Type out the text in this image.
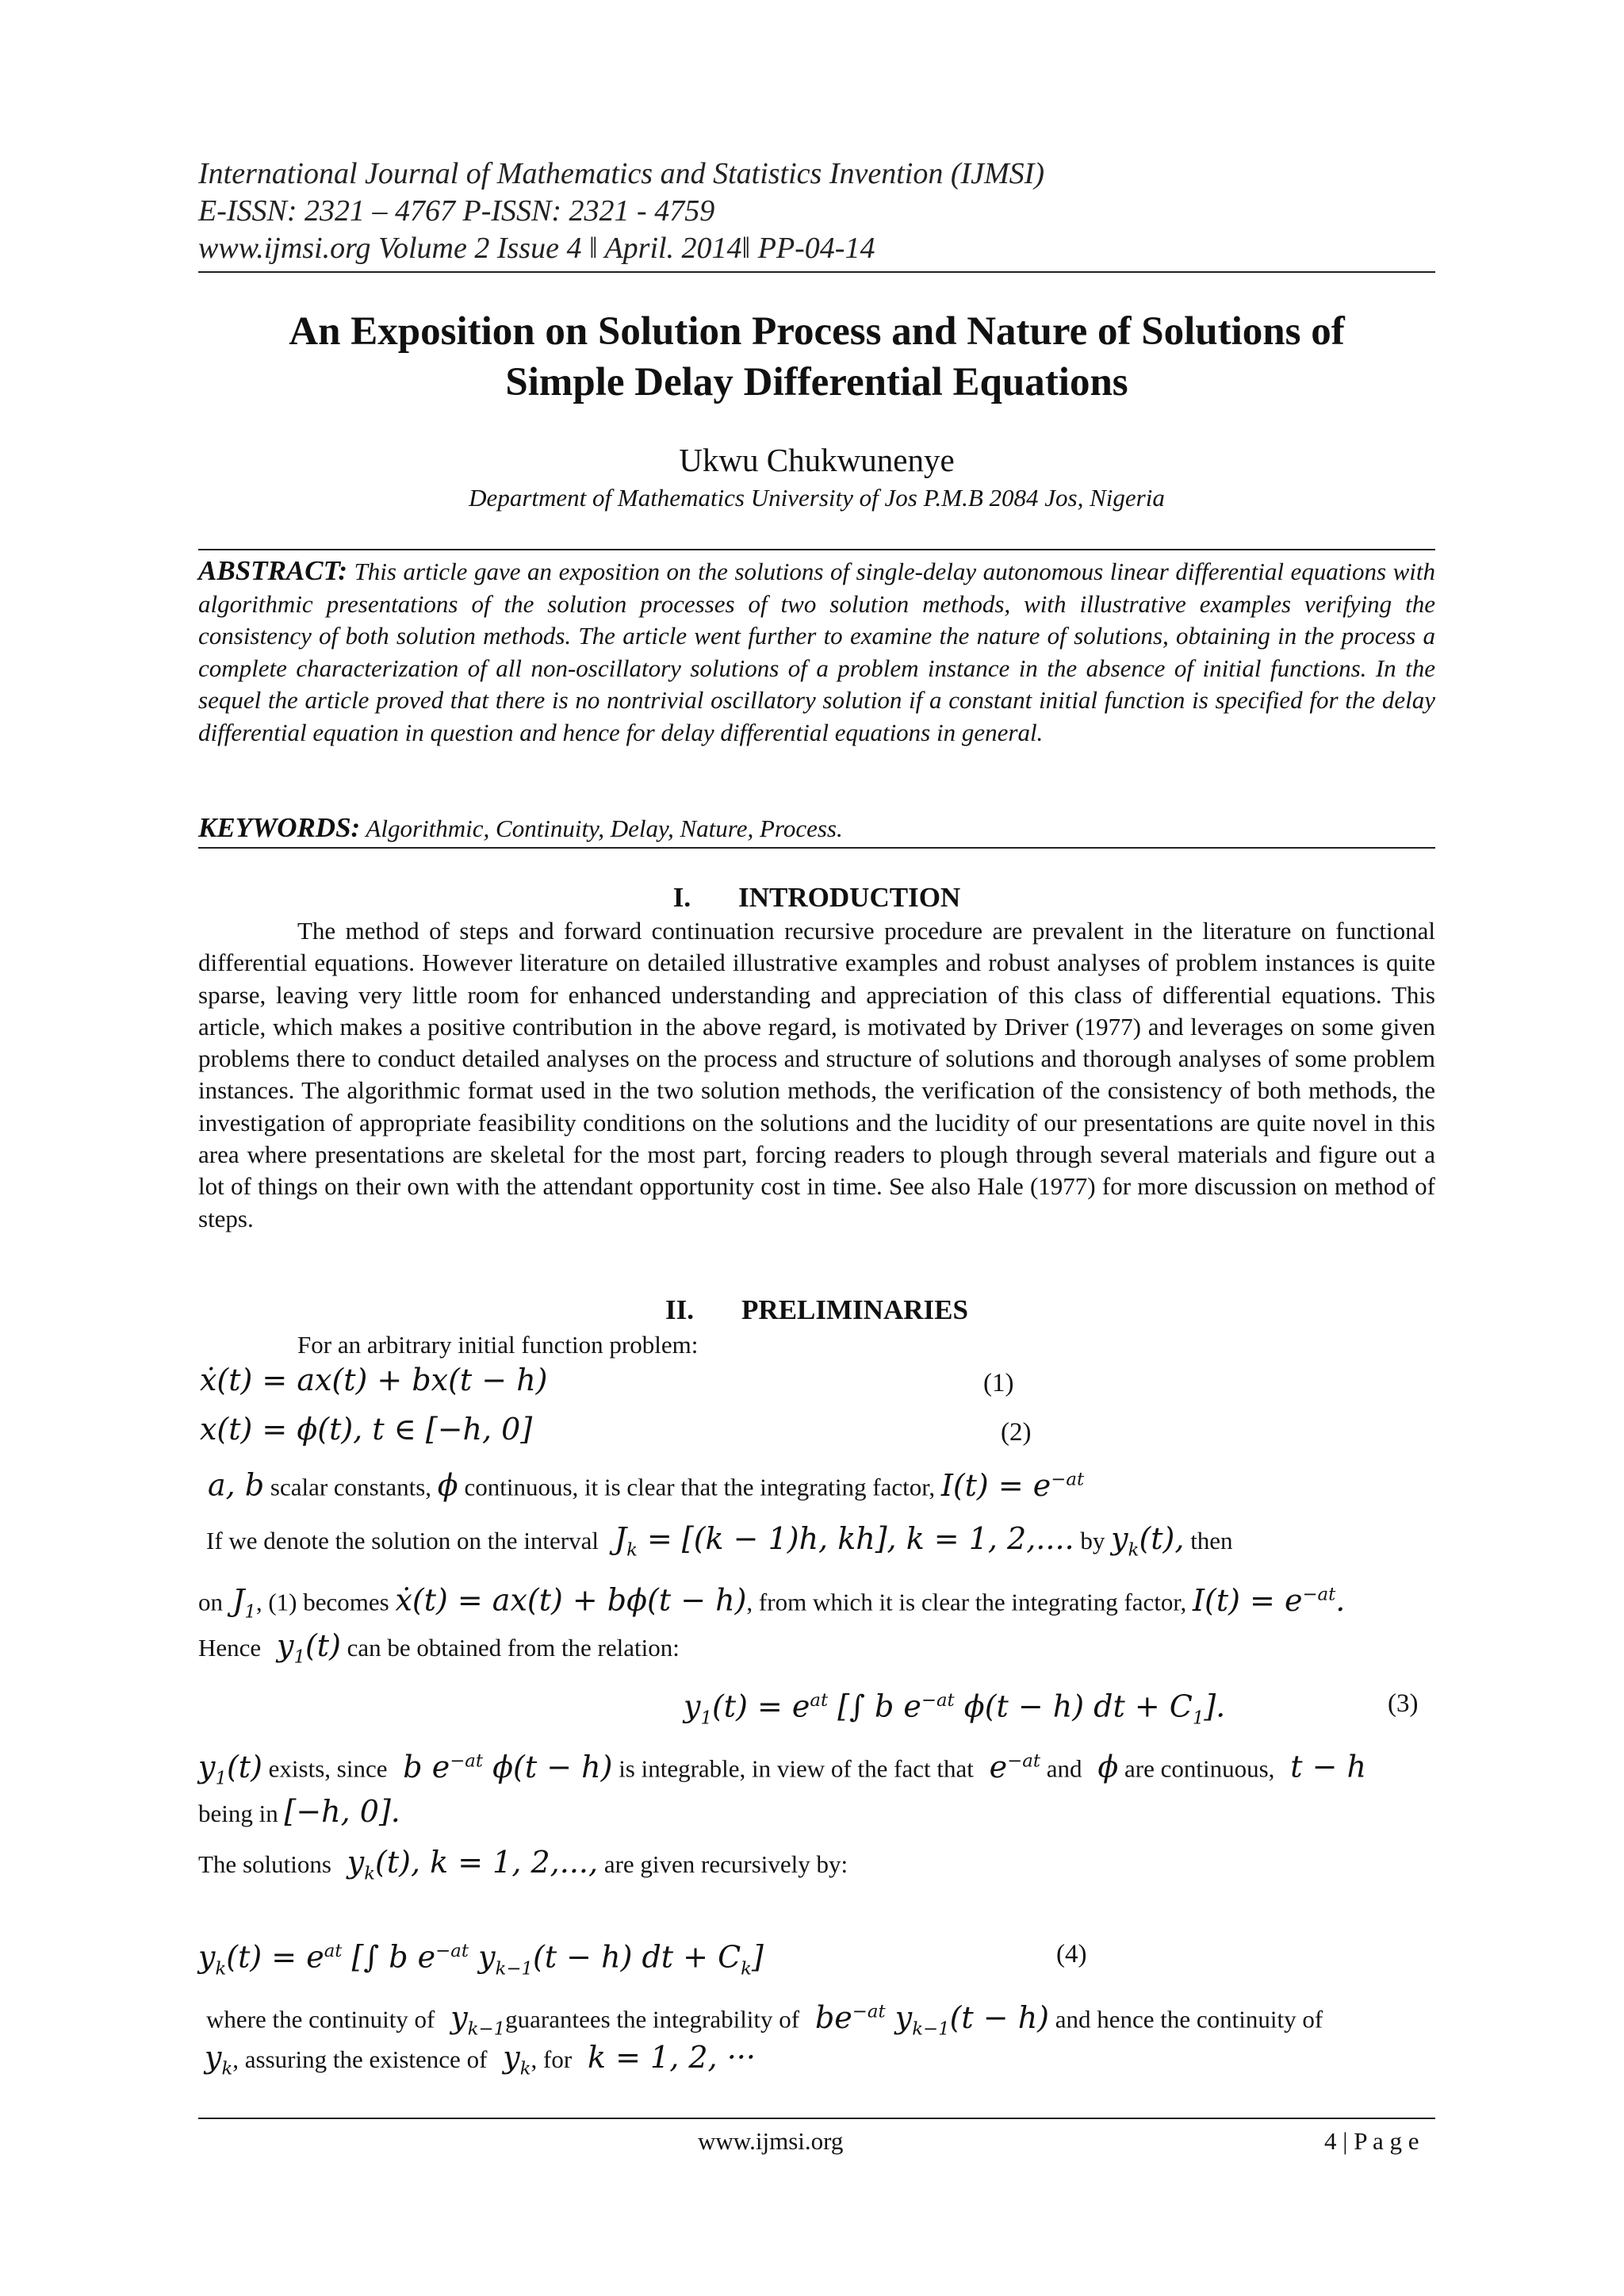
International Journal of Mathematics and Statistics Invention (IJMSI)
E-ISSN: 2321 – 4767 P-ISSN: 2321 - 4759
www.ijmsi.org Volume 2 Issue 4 ǁ April. 2014ǁ PP-04-14
An Exposition on Solution Process and Nature of Solutions of
Simple Delay Differential Equations
Ukwu Chukwunenye
Department of Mathematics University of Jos P.M.B 2084 Jos, Nigeria
ABSTRACT: This article gave an exposition on the solutions of single-delay autonomous linear differential equations with algorithmic presentations of the solution processes of two solution methods, with illustrative examples verifying the consistency of both solution methods. The article went further to examine the nature of solutions, obtaining in the process a complete characterization of all non-oscillatory solutions of a problem instance in the absence of initial functions. In the sequel the article proved that there is no nontrivial oscillatory solution if a constant initial function is specified for the delay differential equation in question and hence for delay differential equations in general.
KEYWORDS: Algorithmic, Continuity, Delay, Nature, Process.
I. INTRODUCTION
The method of steps and forward continuation recursive procedure are prevalent in the literature on functional differential equations. However literature on detailed illustrative examples and robust analyses of problem instances is quite sparse, leaving very little room for enhanced understanding and appreciation of this class of differential equations. This article, which makes a positive contribution in the above regard, is motivated by Driver (1977) and leverages on some given problems there to conduct detailed analyses on the process and structure of solutions and thorough analyses of some problem instances. The algorithmic format used in the two solution methods, the verification of the consistency of both methods, the investigation of appropriate feasibility conditions on the solutions and the lucidity of our presentations are quite novel in this area where presentations are skeletal for the most part, forcing readers to plough through several materials and figure out a lot of things on their own with the attendant opportunity cost in time. See also Hale (1977) for more discussion on method of steps.
II. PRELIMINARIES
For an arbitrary initial function problem:
ẋ(t) = ax(t) + bx(t − h)	(1)
x(t) = ϕ(t), t ∈ [−h, 0]	(2)
a, b scalar constants, ϕ continuous, it is clear that the integrating factor, $I(t) = e^{-at}$
If we denote the solution on the interval  $J_k = [(k - 1)h$, kh], k = 1, 2,.... by $y_k(t)$, then
on $J_1$, (1) becomes ẋ(t) = ax(t) + bϕ(t − h), from which it is clear the integrating factor, $I(t) = e^{-at}$.
Hence  $y_1(t)$ can be obtained from the relation:
$y_1(t) = e^{at}$ [∫ b $e^{-at}$ ϕ(t − h) dt + $C_1$].	(3)
$y_1(t)$ exists, since  b $e^{-at}$ ϕ(t − h) is integrable, in view of the fact that  $e^{-at}$ and  ϕ are continuous,  t − h
being in [−h, 0].
The solutions  $y_k(t)$, k = 1, 2,..., are given recursively by:
$y_k(t) = e^{at}$ [∫ b $e^{-at}$ $y_{k-1}(t - h)$ dt + $C_k$]	(4)
where the continuity of  $y_{k-1}guarantees$ the integrability of  $be^{-at}$ $y_{k-1}(t - h)$ and hence the continuity of
$y_k$, assuring the existence of  $y_k$, for  k = 1, 2, ···
www.ijmsi.org	4 | P a g e
